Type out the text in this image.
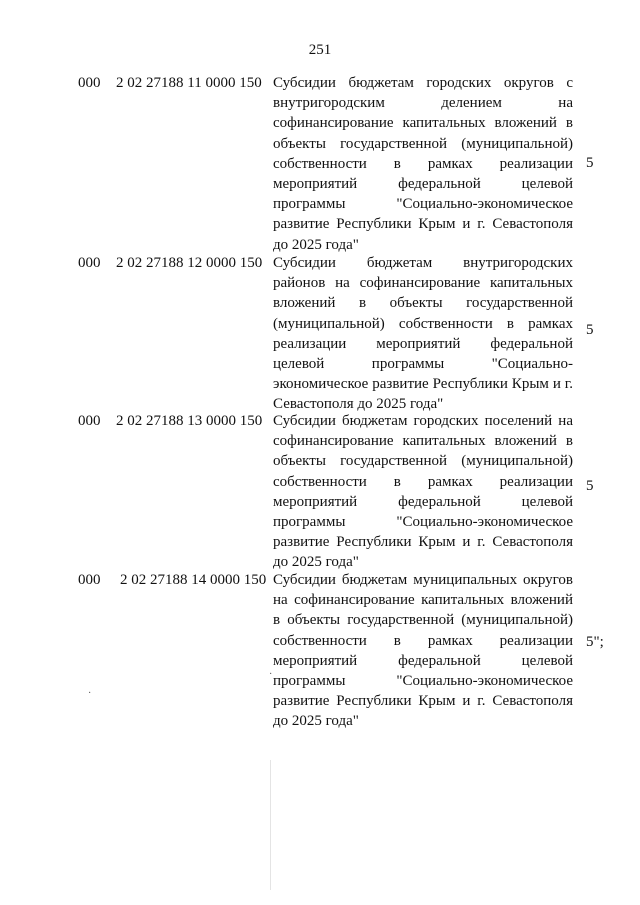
251
000 2 02 27188 11 0000 150 Субсидии бюджетам городских округов с внутригородским делением на софинансирование капитальных вложений в объекты государственной (муниципальной) собственности в рамках реализации мероприятий федеральной целевой программы "Социально-экономическое развитие Республики Крым и г. Севастополя до 2025 года"

5
000 2 02 27188 12 0000 150 Субсидии бюджетам внутригородских районов на софинансирование капитальных вложений в объекты государственной (муниципальной) собственности в рамках реализации мероприятий федеральной целевой программы "Социально-экономическое развитие Республики Крым и г. Севастополя до 2025 года"

5
000 2 02 27188 13 0000 150 Субсидии бюджетам городских поселений на софинансирование капитальных вложений в объекты государственной (муниципальной) собственности в рамках реализации мероприятий федеральной целевой программы "Социально-экономическое развитие Республики Крым и г. Севастополя до 2025 года"

5
000 2 02 27188 14 0000 150 Субсидии бюджетам муниципальных округов на софинансирование капитальных вложений в объекты государственной (муниципальной) собственности в рамках реализации мероприятий федеральной целевой программы "Социально-экономическое развитие Республики Крым и г. Севастополя до 2025 года"

5";
·
·
